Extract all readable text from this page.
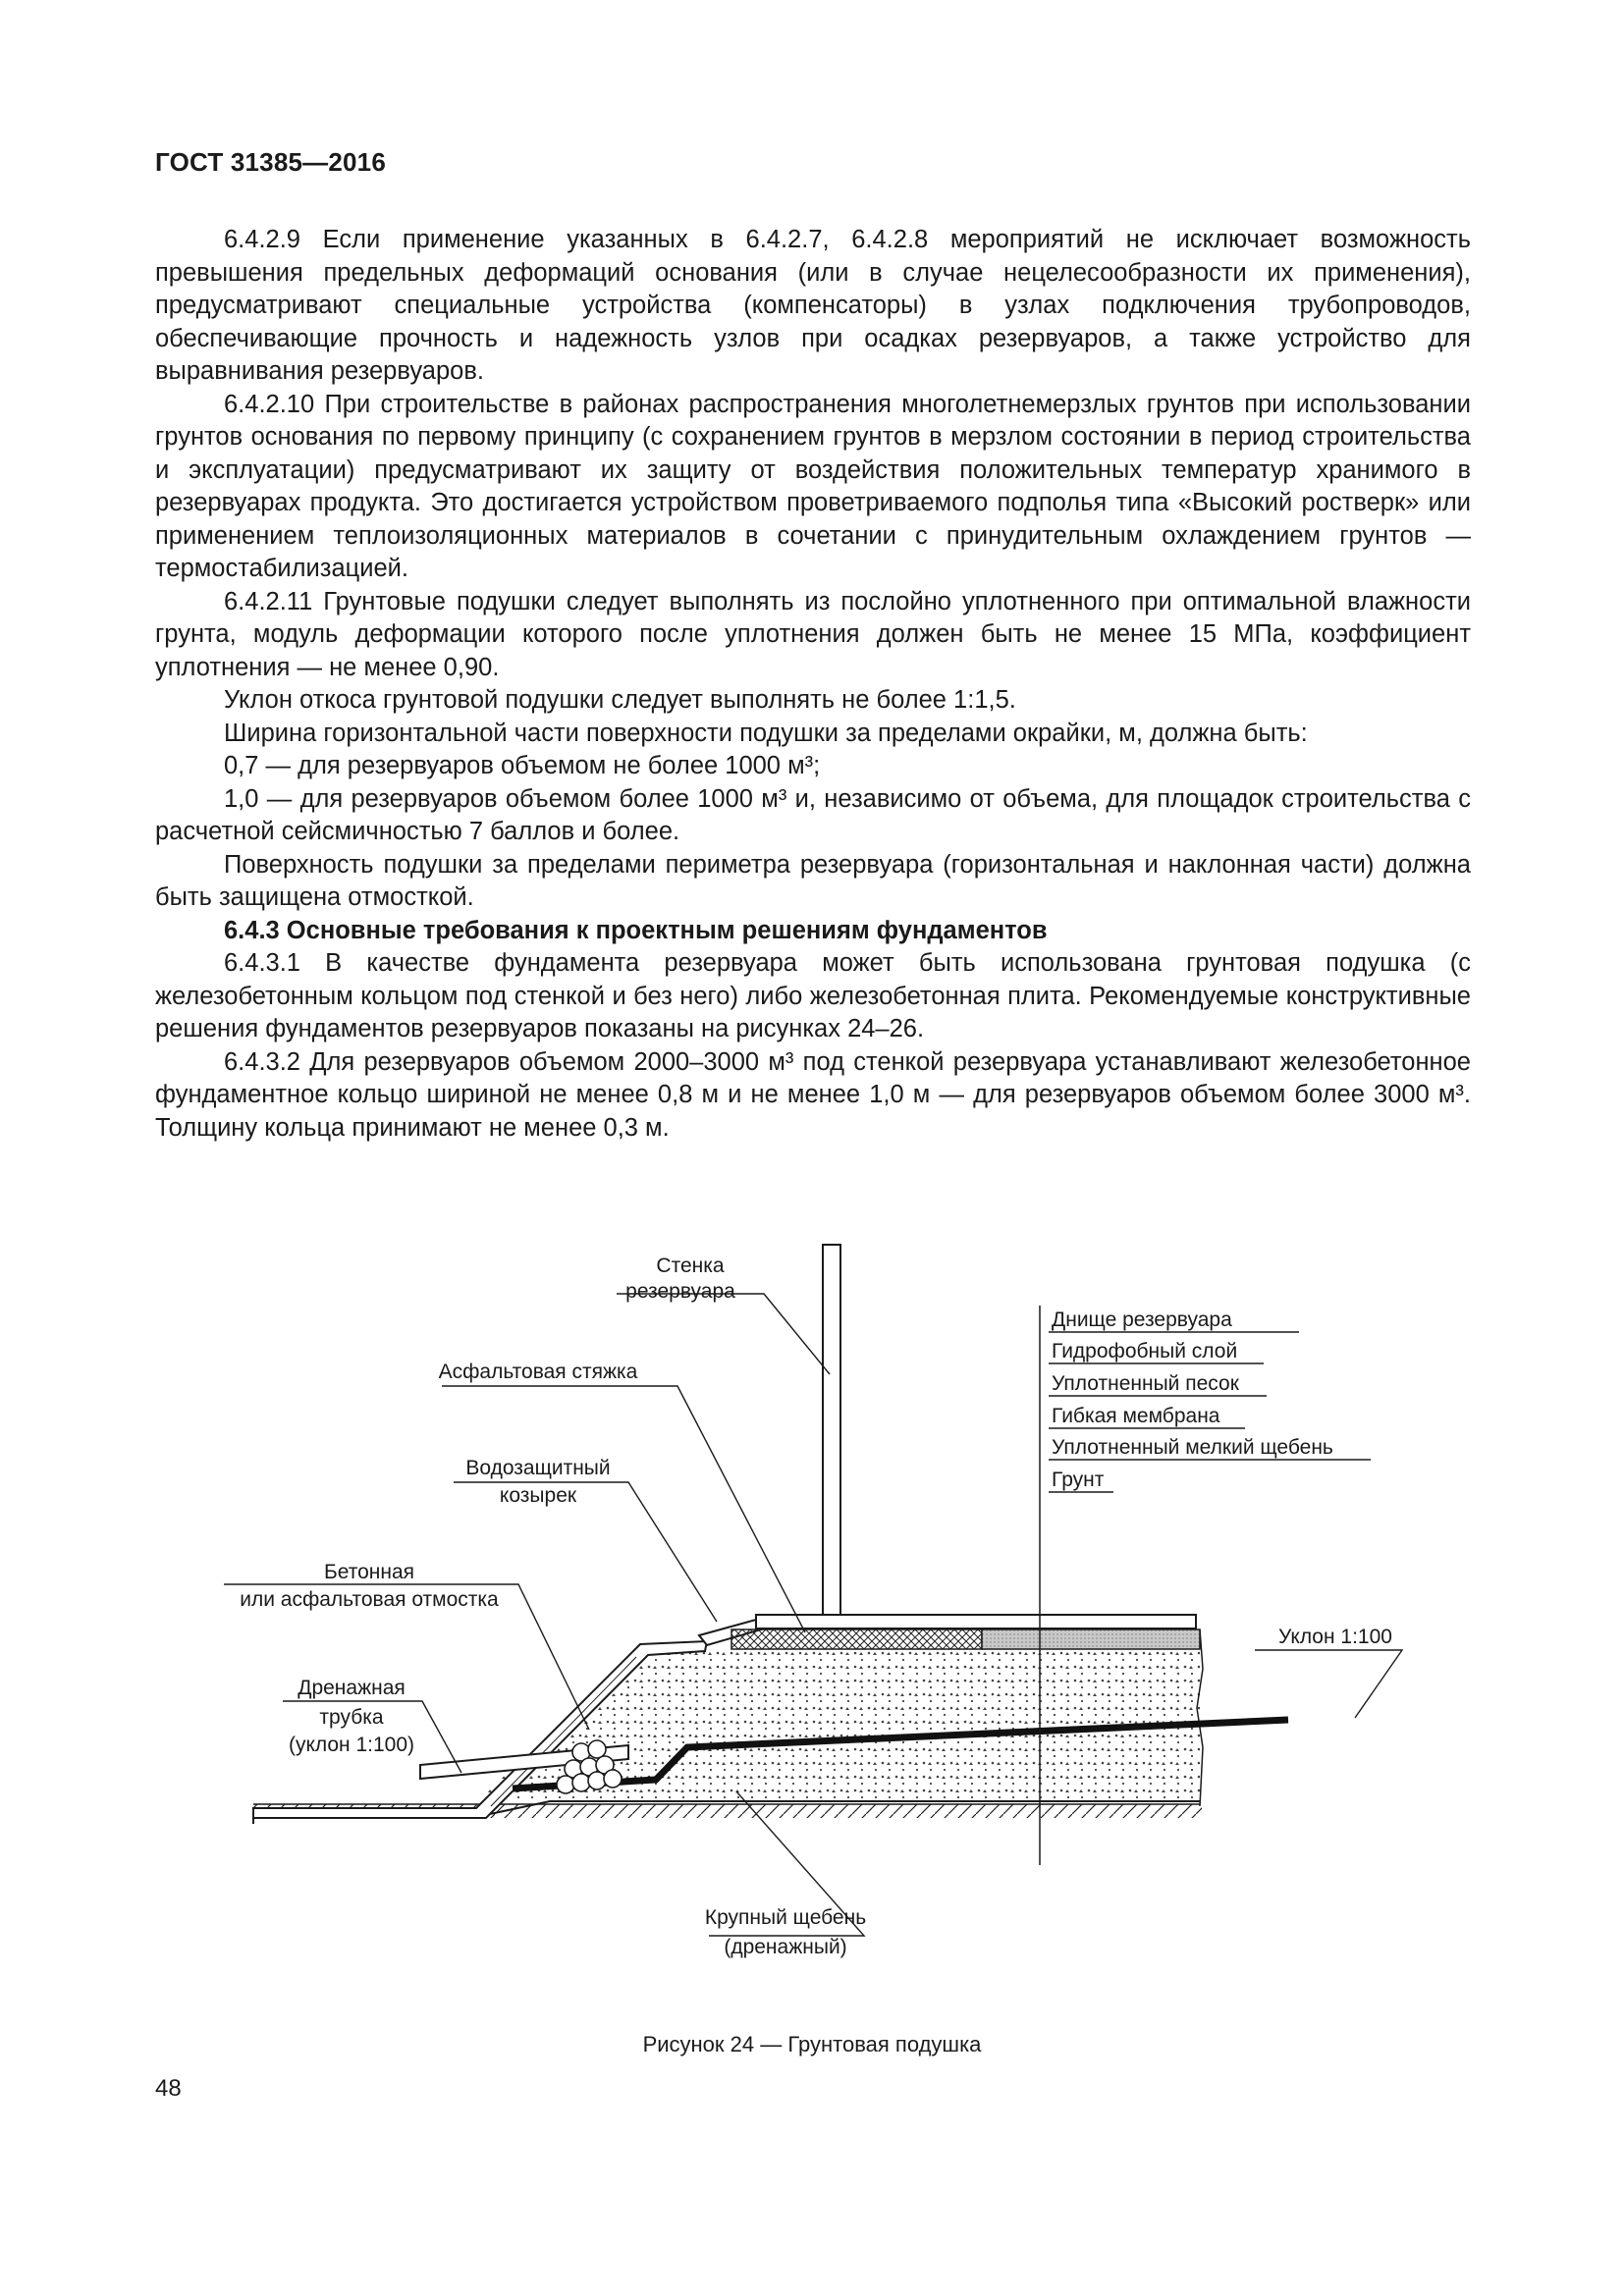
ГОСТ 31385—2016

6.4.2.9 Если применение указанных в 6.4.2.7, 6.4.2.8 мероприятий не исключает возможность превышения предельных деформаций основания (или в случае нецелесообразности их применения), предусматривают специальные устройства (компенсаторы) в узлах подключения трубопроводов, обеспечивающие прочность и надежность узлов при осадках резервуаров, а также устройство для выравнивания резервуаров.

6.4.2.10 При строительстве в районах распространения многолетнемерзлых грунтов при использовании грунтов основания по первому принципу (с сохранением грунтов в мерзлом состоянии в период строительства и эксплуатации) предусматривают их защиту от воздействия положительных температур хранимого в резервуарах продукта. Это достигается устройством проветриваемого подполья типа «Высокий ростверк» или применением теплоизоляционных материалов в сочетании с принудительным охлаждением грунтов — термостабилизацией.

6.4.2.11 Грунтовые подушки следует выполнять из послойно уплотненного при оптимальной влажности грунта, модуль деформации которого после уплотнения должен быть не менее 15 МПа, коэффициент уплотнения — не менее 0,90.

Уклон откоса грунтовой подушки следует выполнять не более 1:1,5.

Ширина горизонтальной части поверхности подушки за пределами окрайки, м, должна быть:

0,7 — для резервуаров объемом не более 1000 м³;

1,0 — для резервуаров объемом более 1000 м³ и, независимо от объема, для площадок строительства с расчетной сейсмичностью 7 баллов и более.

Поверхность подушки за пределами периметра резервуара (горизонтальная и наклонная части) должна быть защищена отмосткой.

6.4.3 Основные требования к проектным решениям фундаментов

6.4.3.1 В качестве фундамента резервуара может быть использована грунтовая подушка (с железобетонным кольцом под стенкой и без него) либо железобетонная плита. Рекомендуемые конструктивные решения фундаментов резервуаров показаны на рисунках 24–26.

6.4.3.2 Для резервуаров объемом 2000–3000 м³ под стенкой резервуара устанавливают железобетонное фундаментное кольцо шириной не менее 0,8 м и не менее 1,0 м — для резервуаров объемом более 3000 м³. Толщину кольца принимают не менее 0,3 м.

Стенка
резервуара
Асфальтовая стяжка
Водозащитный
козырек
Бетонная
или асфальтовая отмостка
Дренажная
трубка
(уклон 1:100)
Уклон 1:100
Крупный щебень
(дренажный)
Днище резервуара
Гидрофобный слой
Уплотненный песок
Гибкая мембрана
Уплотненный мелкий щебень
Грунт
Рисунок 24 — Грунтовая подушка
48
